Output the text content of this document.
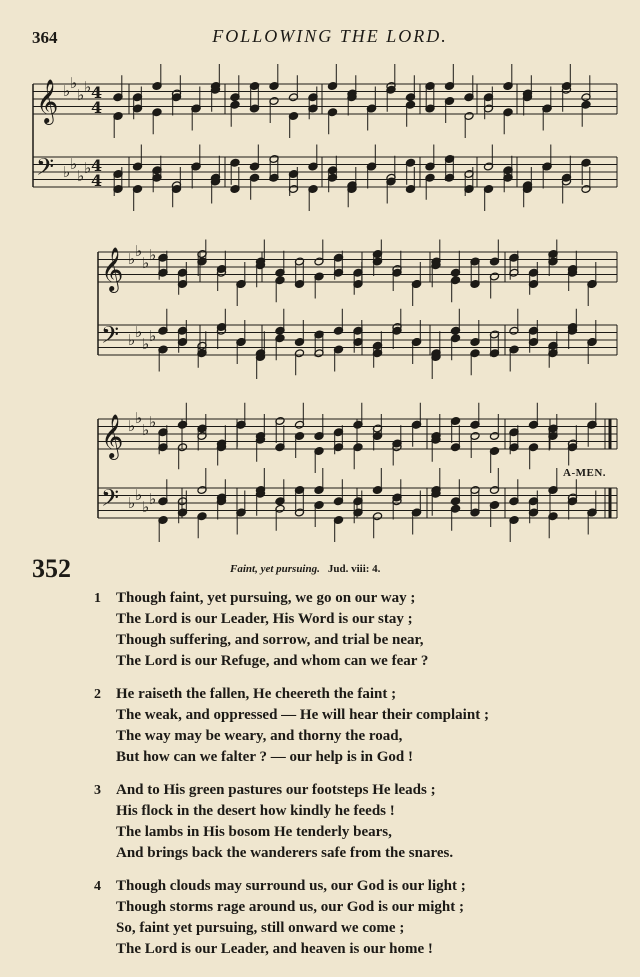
364	FOLLOWING THE LORD.
𝄞 ♭ ♭
♭ ♭ 4
4
𝄢 ♭ ♭
♭ ♭ 4
4
𝄞 ♭ ♭
♭ ♭
𝄢 ♭ ♭
♭ ♭
𝄞 ♭ ♭
♭ ♭
𝄢 ♭ ♭
♭ ♭
A-MEN.
352	Faint, yet pursuing. Jud. viii: 4.
1	Though faint, yet pursuing, we go on our way ;
The Lord is our Leader, His Word is our stay ;
Though suffering, and sorrow, and trial be near,
The Lord is our Refuge, and whom can we fear ?
2	He raiseth the fallen, He cheereth the faint ;
The weak, and oppressed — He will hear their complaint ;
The way may be weary, and thorny the road,
But how can we falter ? — our help is in God !
3	And to His green pastures our footsteps He leads ;
His flock in the desert how kindly he feeds !
The lambs in His bosom He tenderly bears,
And brings back the wanderers safe from the snares.
4	Though clouds may surround us, our God is our light ;
Though storms rage around us, our God is our might ;
So, faint yet pursuing, still onward we come ;
The Lord is our Leader, and heaven is our home !
